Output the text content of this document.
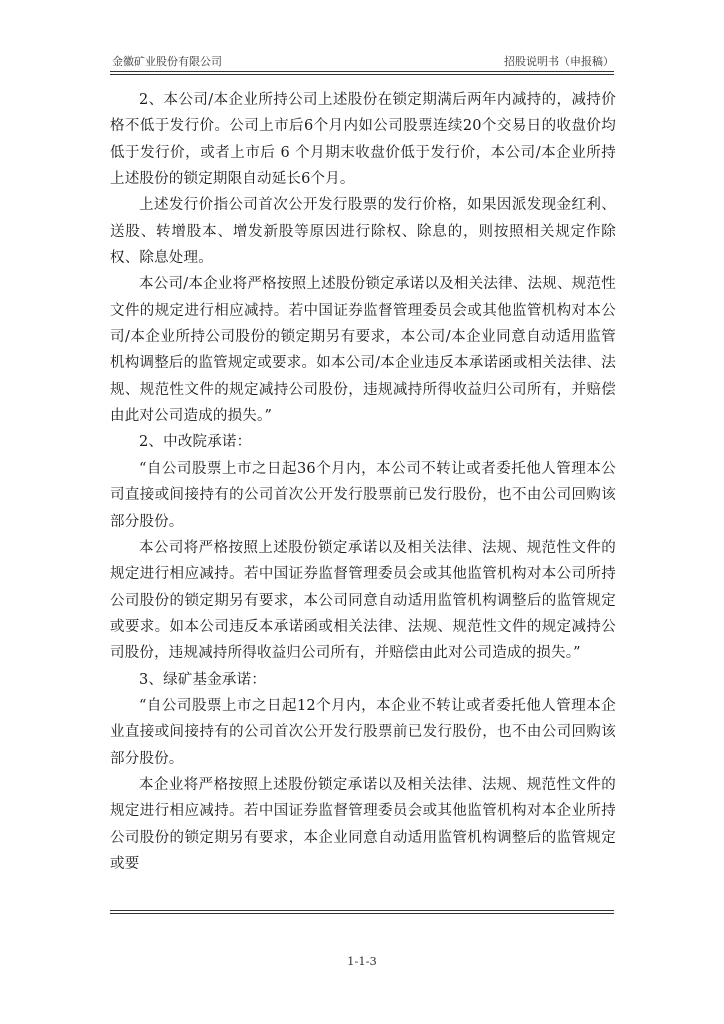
金徽矿业股份有限公司	招股说明书（申报稿）

2、本公司/本企业所持公司上述股份在锁定期满后两年内减持的，减持价格不低于发行价。公司上市后6个月内如公司股票连续20个交易日的收盘价均低于发行价，或者上市后 6 个月期末收盘价低于发行价，本公司/本企业所持上述股份的锁定期限自动延长6个月。

上述发行价指公司首次公开发行股票的发行价格，如果因派发现金红利、送股、转增股本、增发新股等原因进行除权、除息的，则按照相关规定作除权、除息处理。

本公司/本企业将严格按照上述股份锁定承诺以及相关法律、法规、规范性文件的规定进行相应减持。若中国证券监督管理委员会或其他监管机构对本公司/本企业所持公司股份的锁定期另有要求，本公司/本企业同意自动适用监管机构调整后的监管规定或要求。如本公司/本企业违反本承诺函或相关法律、法规、规范性文件的规定减持公司股份，违规减持所得收益归公司所有，并赔偿由此对公司造成的损失。”

2、中改院承诺：

“自公司股票上市之日起36个月内，本公司不转让或者委托他人管理本公司直接或间接持有的公司首次公开发行股票前已发行股份，也不由公司回购该部分股份。

本公司将严格按照上述股份锁定承诺以及相关法律、法规、规范性文件的规定进行相应减持。若中国证券监督管理委员会或其他监管机构对本公司所持公司股份的锁定期另有要求，本公司同意自动适用监管机构调整后的监管规定或要求。如本公司违反本承诺函或相关法律、法规、规范性文件的规定减持公司股份，违规减持所得收益归公司所有，并赔偿由此对公司造成的损失。”

3、绿矿基金承诺：

“自公司股票上市之日起12个月内，本企业不转让或者委托他人管理本企业直接或间接持有的公司首次公开发行股票前已发行股份，也不由公司回购该部分股份。

本企业将严格按照上述股份锁定承诺以及相关法律、法规、规范性文件的规定进行相应减持。若中国证券监督管理委员会或其他监管机构对本企业所持公司股份的锁定期另有要求，本企业同意自动适用监管机构调整后的监管规定或要

1-1-3
